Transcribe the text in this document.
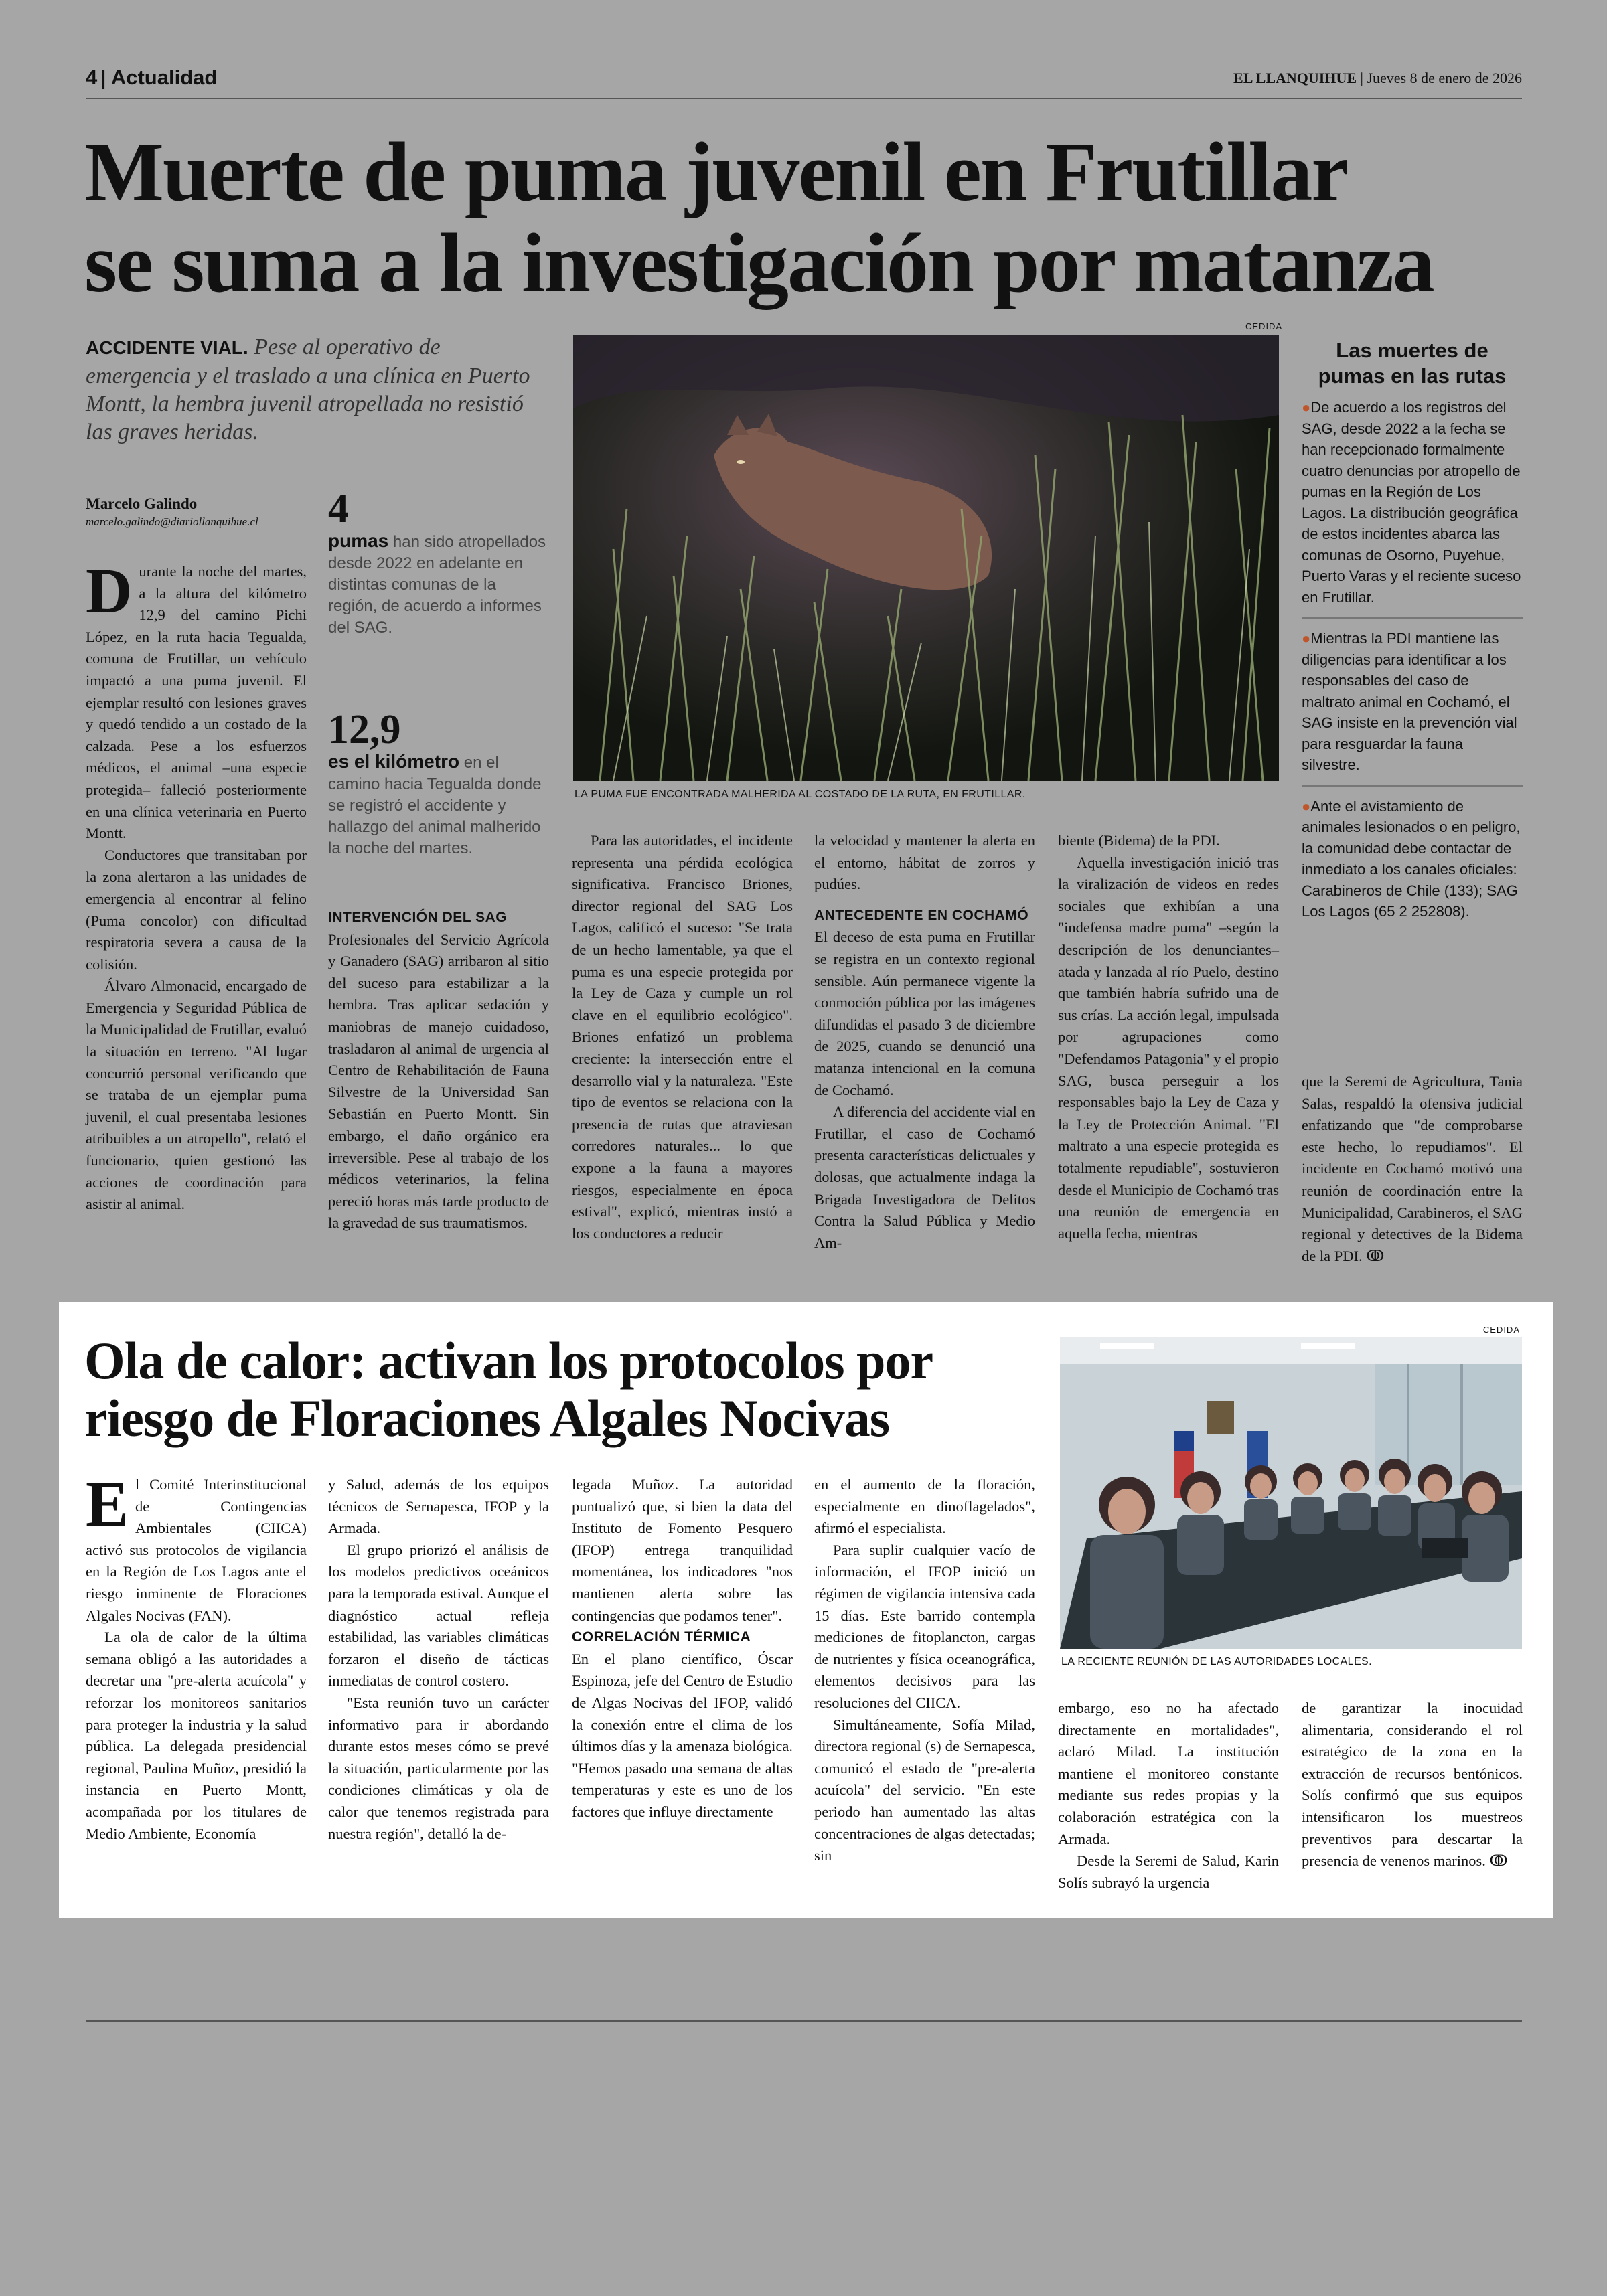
4 | Actualidad	EL LLANQUIHUE | Jueves 8 de enero de 2026
Muerte de puma juvenil en Frutillar
se suma a la investigación por matanza
ACCIDENTE VIAL. Pese al operativo de emergencia y el traslado a una clínica en Puerto Montt, la hembra juvenil atropellada no resistió las graves heridas.
Marcelo Galindo
marcelo.galindo@diariollanquihue.cl	4
pumas han sido atropellados desde 2022 en adelante en distintas comunas de la región, de acuerdo a informes del SAG.
12,9
es el kilómetro en el camino hacia Tegualda donde se registró el accidente y hallazgo del animal malherido la noche del martes.
CEDIDA
LA PUMA FUE ENCONTRADA MALHERIDA AL COSTADO DE LA RUTA, EN FRUTILLAR.
Las muertes de pumas en las rutas

●De acuerdo a los registros del SAG, desde 2022 a la fecha se han recepcionado formalmente cuatro denuncias por atropello de pumas en la Región de Los Lagos. La distribución geográfica de estos incidentes abarca las comunas de Osorno, Puyehue, Puerto Varas y el reciente suceso en Frutillar.

●Mientras la PDI mantiene las diligencias para identificar a los responsables del caso de maltrato animal en Cochamó, el SAG insiste en la prevención vial para resguardar la fauna silvestre.

●Ante el avistamiento de animales lesionados o en peligro, la comunidad debe contactar de inmediato a los canales oficiales: Carabineros de Chile (133); SAG Los Lagos (65 2 252808).

Durante la noche del martes, a la altura del kilómetro 12,9 del camino Pichi López, en la ruta hacia Tegualda, comuna de Frutillar, un vehículo impactó a una puma juvenil. El ejemplar resultó con lesiones graves y quedó tendido a un costado de la calzada. Pese a los esfuerzos médicos, el animal –una especie protegida– falleció posteriormente en una clínica veterinaria en Puerto Montt.

Conductores que transitaban por la zona alertaron a las unidades de emergencia al encontrar al felino (Puma concolor) con dificultad respiratoria severa a causa de la colisión.

Álvaro Almonacid, encargado de Emergencia y Seguridad Pública de la Municipalidad de Frutillar, evaluó la situación en terreno. "Al lugar concurrió personal verificando que se trataba de un ejemplar puma juvenil, el cual presentaba lesiones atribuibles a un atropello", relató el funcionario, quien gestionó las acciones de coordinación para asistir al animal.

INTERVENCIÓN DEL SAG

Profesionales del Servicio Agrícola y Ganadero (SAG) arribaron al sitio del suceso para estabilizar a la hembra. Tras aplicar sedación y maniobras de manejo cuidadoso, trasladaron al animal de urgencia al Centro de Rehabilitación de Fauna Silvestre de la Universidad San Sebastián en Puerto Montt. Sin embargo, el daño orgánico era irreversible. Pese al trabajo de los médicos veterinarios, la felina pereció horas más tarde producto de la gravedad de sus traumatismos.

Para las autoridades, el incidente representa una pérdida ecológica significativa. Francisco Briones, director regional del SAG Los Lagos, calificó el suceso: "Se trata de un hecho lamentable, ya que el puma es una especie protegida por la Ley de Caza y cumple un rol clave en el equilibrio ecológico". Briones enfatizó un problema creciente: la intersección entre el desarrollo vial y la naturaleza. "Este tipo de eventos se relaciona con la presencia de rutas que atraviesan corredores naturales... lo que expone a la fauna a mayores riesgos, especialmente en época estival", explicó, mientras instó a los conductores a reducir

la velocidad y mantener la alerta en el entorno, hábitat de zorros y pudúes.

ANTECEDENTE EN COCHAMÓ

El deceso de esta puma en Frutillar se registra en un contexto regional sensible. Aún permanece vigente la conmoción pública por las imágenes difundidas el pasado 3 de diciembre de 2025, cuando se denunció una matanza intencional en la comuna de Cochamó.

A diferencia del accidente vial en Frutillar, el caso de Cochamó presenta características delictuales y dolosas, que actualmente indaga la Brigada Investigadora de Delitos Contra la Salud Pública y Medio Am-

biente (Bidema) de la PDI.

Aquella investigación inició tras la viralización de videos en redes sociales que exhibían a una "indefensa madre puma" –según la descripción de los denunciantes– atada y lanzada al río Puelo, destino que también habría sufrido una de sus crías. La acción legal, impulsada por agrupaciones como "Defendamos Patagonia" y el propio SAG, busca perseguir a los responsables bajo la Ley de Caza y la Ley de Protección Animal. "El maltrato a una especie protegida es totalmente repudiable", sostuvieron desde el Municipio de Cochamó tras una reunión de emergencia en aquella fecha, mientras

que la Seremi de Agricultura, Tania Salas, respaldó la ofensiva judicial enfatizando que "de comprobarse este hecho, lo repudiamos". El incidente en Cochamó motivó una reunión de coordinación entre la Municipalidad, Carabineros, el SAG regional y detectives de la Bidema de la PDI. ↂ

Ola de calor: activan los protocolos por
riesgo de Floraciones Algales Nocivas
CEDIDA
LA RECIENTE REUNIÓN DE LAS AUTORIDADES LOCALES.

El Comité Interinstitucional de Contingencias Ambientales (CIICA) activó sus protocolos de vigilancia en la Región de Los Lagos ante el riesgo inminente de Floraciones Algales Nocivas (FAN).

La ola de calor de la última semana obligó a las autoridades a decretar una "pre-alerta acuícola" y reforzar los monitoreos sanitarios para proteger la industria y la salud pública. La delegada presidencial regional, Paulina Muñoz, presidió la instancia en Puerto Montt, acompañada por los titulares de Medio Ambiente, Economía

y Salud, además de los equipos técnicos de Sernapesca, IFOP y la Armada.

El grupo priorizó el análisis de los modelos predictivos oceánicos para la temporada estival. Aunque el diagnóstico actual refleja estabilidad, las variables climáticas forzaron el diseño de tácticas inmediatas de control costero.

"Esta reunión tuvo un carácter informativo para ir abordando durante estos meses cómo se prevé la situación, particularmente por las condiciones climáticas y ola de calor que tenemos registrada para nuestra región", detalló la de-

legada Muñoz. La autoridad puntualizó que, si bien la data del Instituto de Fomento Pesquero (IFOP) entrega tranquilidad momentánea, los indicadores "nos mantienen alerta sobre las contingencias que podamos tener".

CORRELACIÓN TÉRMICA

En el plano científico, Óscar Espinoza, jefe del Centro de Estudio de Algas Nocivas del IFOP, validó la conexión entre el clima de los últimos días y la amenaza biológica. "Hemos pasado una semana de altas temperaturas y este es uno de los factores que influye directamente

en el aumento de la floración, especialmente en dinoflagelados", afirmó el especialista.

Para suplir cualquier vacío de información, el IFOP inició un régimen de vigilancia intensiva cada 15 días. Este barrido contempla mediciones de fitoplancton, cargas de nutrientes y física oceanográfica, elementos decisivos para las resoluciones del CIICA.

Simultáneamente, Sofía Milad, directora regional (s) de Sernapesca, comunicó el estado de "pre-alerta acuícola" del servicio. "En este periodo han aumentado las altas concentraciones de algas detectadas; sin

embargo, eso no ha afectado directamente en mortalidades", aclaró Milad. La institución mantiene el monitoreo constante mediante sus redes propias y la colaboración estratégica con la Armada.

Desde la Seremi de Salud, Karin Solís subrayó la urgencia

de garantizar la inocuidad alimentaria, considerando el rol estratégico de la zona en la extracción de recursos bentónicos. Solís confirmó que sus equipos intensificaron los muestreos preventivos para descartar la presencia de venenos marinos. ↂ
